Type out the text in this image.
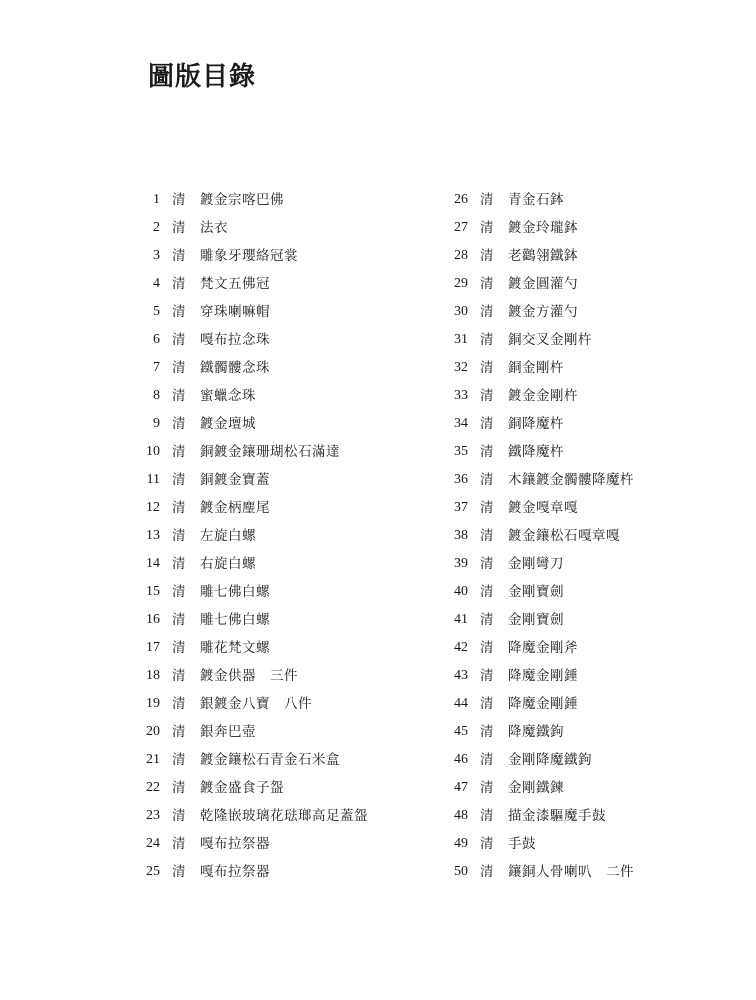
圖版目錄
1 清	鍍金宗喀巴佛
2 清	法衣
3 清	雕象牙瓔絡冠裳
4 清	梵文五佛冠
5 清	穿珠喇嘛帽
6 清	嘎布拉念珠
7 清	鐵髑髏念珠
8 清	蜜蠟念珠
9 清	鍍金壇城
10 清	銅鍍金鑲珊瑚松石滿達
11 清	銅鍍金寶蓋
12 清	鍍金柄麈尾
13 清	左旋白螺
14 清	右旋白螺
15 清	雕七佛白螺
16 清	雕七佛白螺
17 清	雕花梵文螺
18 清	鍍金供器　三件
19 清	銀鍍金八寶　八件
20 清	銀奔巴壺
21 清	鍍金鑲松石青金石米盒
22 清	鍍金盛食子盌
23 清	乾隆嵌玻璃花琺瑯高足蓋盌
24 清	嘎布拉祭器
25 清	嘎布拉祭器
26 清	青金石鉢
27 清	鍍金玲瓏鉢
28 清	老鸛翎鐵鉢
29 清	鍍金圓灌勺
30 清	鍍金方灌勺
31 清	銅交叉金剛杵
32 清	銅金剛杵
33 清	鍍金金剛杵
34 清	銅降魔杵
35 清	鐵降魔杵
36 清	木鑲鍍金髑髏降魔杵
37 清	鍍金嘎章嘎
38 清	鍍金鑲松石嘎章嘎
39 清	金剛彎刀
40 清	金剛寶劍
41 清	金剛寶劍
42 清	降魔金剛斧
43 清	降魔金剛錘
44 清	降魔金剛錘
45 清	降魔鐵鉤
46 清	金剛降魔鐵鉤
47 清	金剛鐵鍊
48 清	描金漆驅魔手鼓
49 清	手鼓
50 清	鑲銅人骨喇叭　二件
